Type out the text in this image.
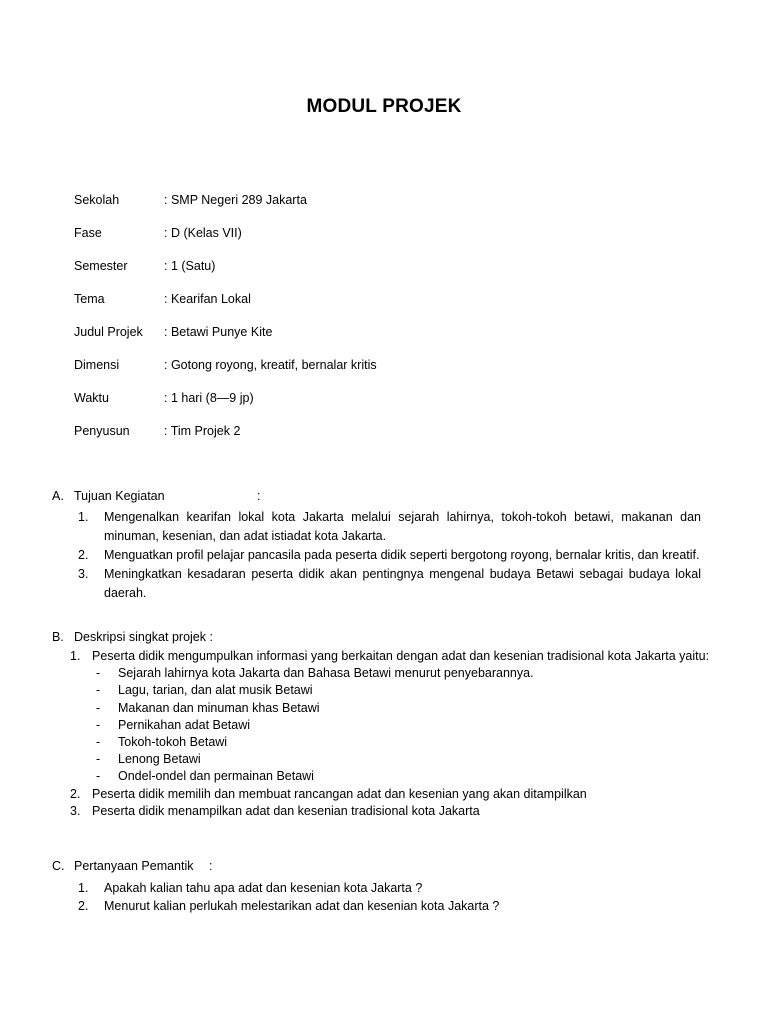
MODUL PROJEK
Sekolah	: SMP Negeri 289 Jakarta
Fase	: D (Kelas VII)
Semester	: 1 (Satu)
Tema	: Kearifan Lokal
Judul Projek	: Betawi Punye Kite
Dimensi	: Gotong royong, kreatif, bernalar kritis
Waktu	: 1 hari (8—9 jp)
Penyusun	: Tim Projek 2
A. Tujuan Kegiatan	:
1.	Mengenalkan kearifan lokal kota Jakarta melalui sejarah lahirnya, tokoh-tokoh betawi, makanan dan minuman, kesenian, dan adat istiadat kota Jakarta.
2.	Menguatkan profil pelajar pancasila pada peserta didik seperti bergotong royong, bernalar kritis, dan kreatif.
3.	Meningkatkan kesadaran peserta didik akan pentingnya mengenal budaya Betawi sebagai budaya lokal daerah.
B. Deskripsi singkat projek :
1. Peserta didik mengumpulkan informasi yang berkaitan dengan adat dan kesenian tradisional kota Jakarta yaitu:
-	Sejarah lahirnya kota Jakarta dan Bahasa Betawi menurut penyebarannya.
-	Lagu, tarian, dan alat musik Betawi
-	Makanan dan minuman khas Betawi
-	Pernikahan adat Betawi
-	Tokoh-tokoh Betawi
-	Lenong Betawi
-	Ondel-ondel dan permainan Betawi
2. Peserta didik memilih dan membuat rancangan adat dan kesenian yang akan ditampilkan
3. Peserta didik menampilkan adat dan kesenian tradisional kota Jakarta
C. Pertanyaan Pemantik	:
1.	Apakah kalian tahu apa adat dan kesenian kota Jakarta ?
2.	Menurut kalian perlukah melestarikan adat dan kesenian kota Jakarta ?
